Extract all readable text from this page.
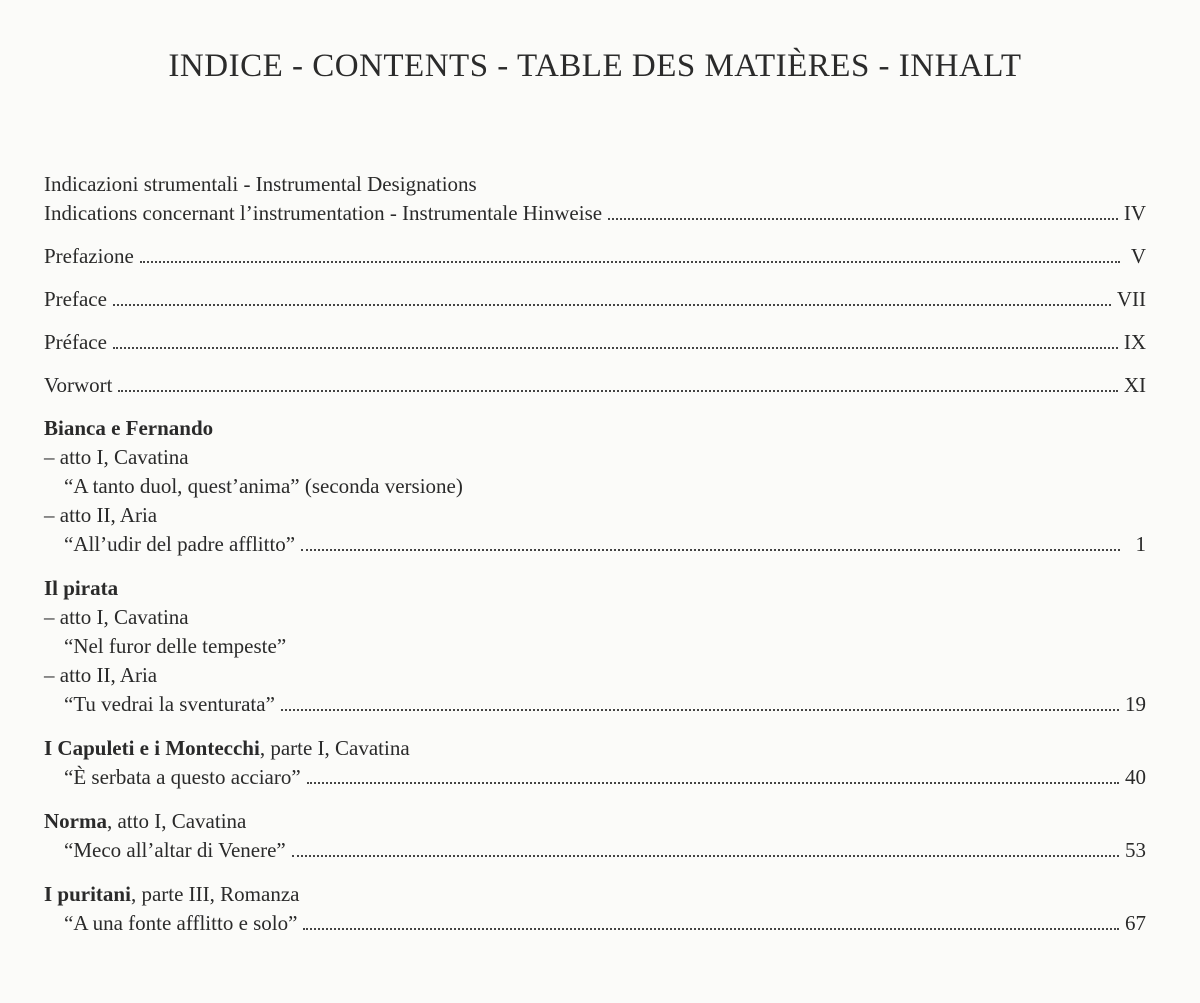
INDICE - CONTENTS - TABLE DES MATIÈRES - INHALT
Indicazioni strumentali - Instrumental Designations
Indications concernant l’instrumentation - Instrumentale Hinweise	IV
Prefazione	V
Preface	VII
Préface	IX
Vorwort	XI
Bianca e Fernando
– atto I, Cavatina
“A tanto duol, quest’anima” (seconda versione)
– atto II, Aria
“All’udir del padre afflitto”	1
Il pirata
– atto I, Cavatina
“Nel furor delle tempeste”
– atto II, Aria
“Tu vedrai la sventurata”	19
I Capuleti e i Montecchi , parte I, Cavatina
“È serbata a questo acciaro”	40
Norma , atto I, Cavatina
“Meco all’altar di Venere”	53
I puritani , parte III, Romanza
“A una fonte afflitto e solo”	67
